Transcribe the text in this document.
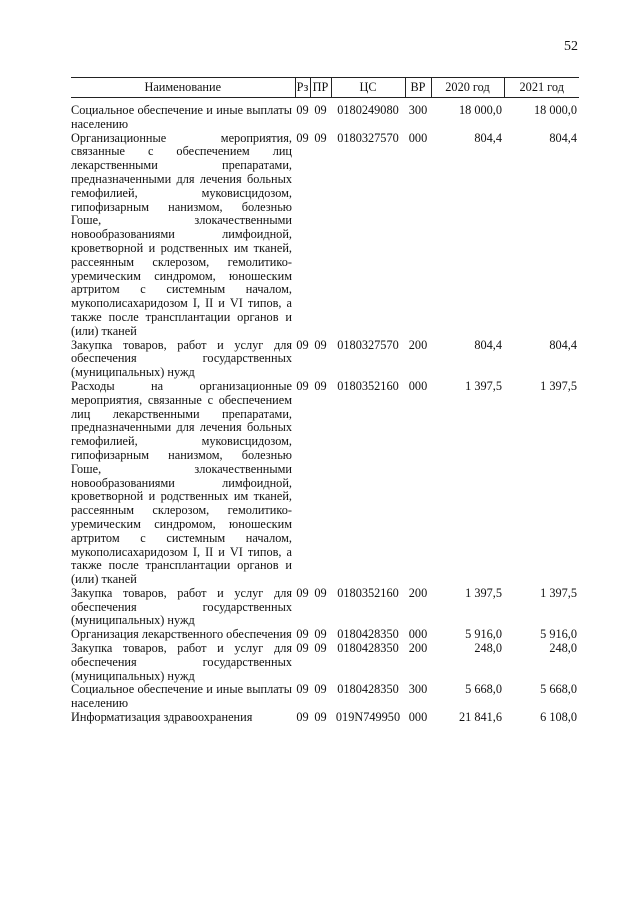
52
Наименование	Рз	ПР	ЦС	ВР	2020 год	2021 год
Социальное обеспечение и иные выплаты населению	09	09	0180249080	300	18 000,0	18 000,0
Организационные мероприятия, связанные с обеспечением лиц лекарственными препаратами, предназначенными для лечения больных гемофилией, муковисцидозом, гипофизарным нанизмом, болезнью Гоше, злокачественными новообразованиями лимфоидной, кроветворной и родственных им тканей, рассеянным склерозом, гемолитико-уремическим синдромом, юношеским артритом с системным началом, мукополисахаридозом I, II и VI типов, а также после трансплантации органов и (или) тканей	09	09	0180327570	000	804,4	804,4
Закупка товаров, работ и услуг для обеспечения государственных (муниципальных) нужд	09	09	0180327570	200	804,4	804,4
Расходы на организационные мероприятия, связанные с обеспечением лиц лекарственными препаратами, предназначенными для лечения больных гемофилией, муковисцидозом, гипофизарным нанизмом, болезнью Гоше, злокачественными новообразованиями лимфоидной, кроветворной и родственных им тканей, рассеянным склерозом, гемолитико-уремическим синдромом, юношеским артритом с системным началом, мукополисахаридозом I, II и VI типов, а также после трансплантации органов и (или) тканей	09	09	0180352160	000	1 397,5	1 397,5
Закупка товаров, работ и услуг для обеспечения государственных (муниципальных) нужд	09	09	0180352160	200	1 397,5	1 397,5
Организация лекарственного обеспечения	09	09	0180428350	000	5 916,0	5 916,0
Закупка товаров, работ и услуг для обеспечения государственных (муниципальных) нужд	09	09	0180428350	200	248,0	248,0
Социальное обеспечение и иные выплаты населению	09	09	0180428350	300	5 668,0	5 668,0
Информатизация здравоохранения	09	09	019N749950	000	21 841,6	6 108,0
